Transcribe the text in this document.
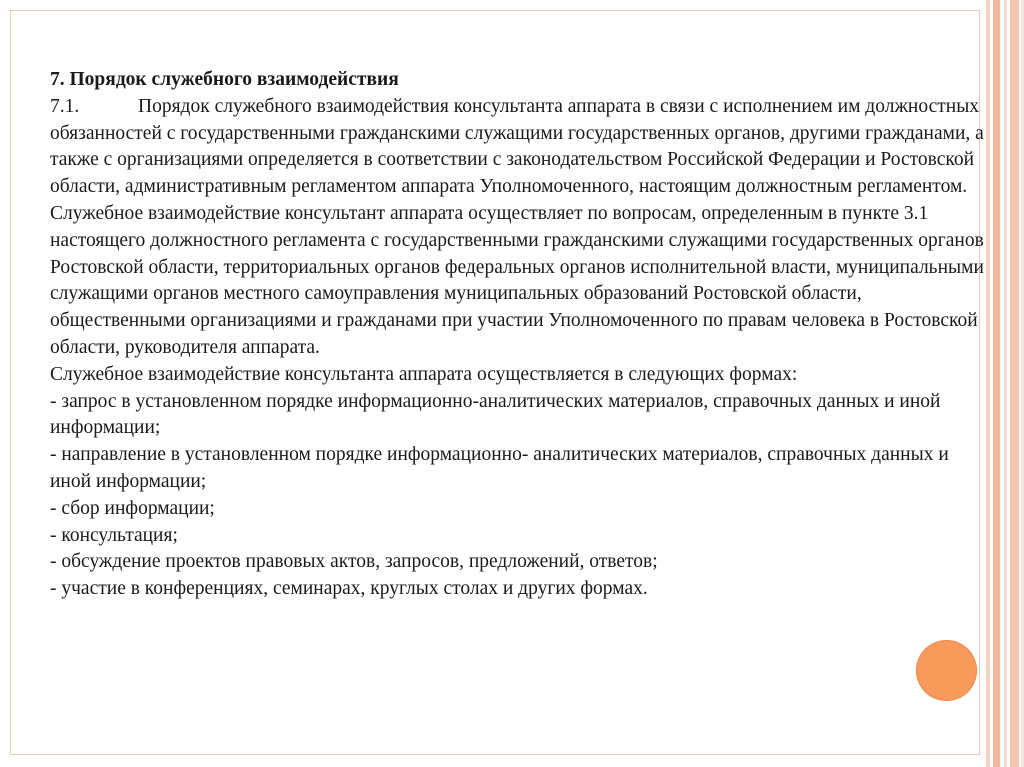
7. Порядок служебного взаимодействия

7.1.	Порядок служебного взаимодействия консультанта аппарата в связи с исполнением им должностных обязанностей с государственными гражданскими служащими государственных органов, другими гражданами, а также с организациями определяется в соответствии с законодательством Российской Федерации и Ростовской области, административным регламентом аппарата Уполномоченного, настоящим должностным регламентом.

Служебное взаимодействие консультант аппарата осуществляет по вопросам, определенным в пункте 3.1 настоящего должностного регламента с государственными гражданскими служащими государственных органов Ростовской области, территориальных органов федеральных органов исполнительной власти, муниципальными служащими органов местного самоуправления муниципальных образований Ростовской области, общественными организациями и гражданами при участии Уполномоченного по правам человека в Ростовской области, руководителя аппарата.

Служебное взаимодействие консультанта аппарата осуществляется в следующих формах:

- запрос в установленном порядке информационно-аналитических материалов, справочных данных и иной информации;

- направление в установленном порядке информационно- аналитических материалов, справочных данных и иной информации;

- сбор информации;

- консультация;

- обсуждение проектов правовых актов, запросов, предложений, ответов;

- участие в конференциях, семинарах, круглых столах и других формах.
